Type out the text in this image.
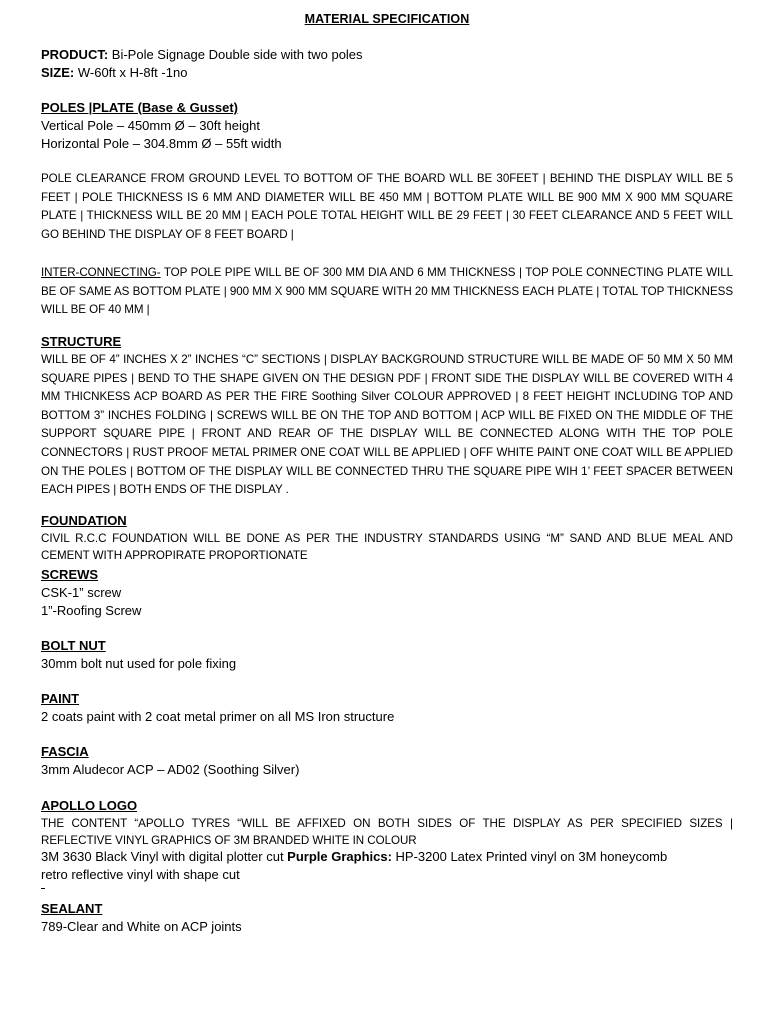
MATERIAL SPECIFICATION
PRODUCT: Bi-Pole Signage Double side with two poles
SIZE: W-60ft x H-8ft -1no
POLES |PLATE (Base & Gusset)
Vertical Pole – 450mm Ø – 30ft height
Horizontal Pole – 304.8mm Ø – 55ft width
POLE CLEARANCE FROM GROUND LEVEL TO BOTTOM OF THE BOARD WLL BE 30FEET | BEHIND THE DISPLAY WILL BE 5 FEET | POLE THICKNESS IS 6 MM AND DIAMETER WILL BE 450 MM | BOTTOM PLATE WILL BE 900 MM X 900 MM SQUARE PLATE | THICKNESS WILL BE 20 MM | EACH POLE TOTAL HEIGHT WILL BE 29 FEET | 30 FEET CLEARANCE AND 5 FEET WILL GO BEHIND THE DISPLAY OF 8 FEET BOARD |
INTER-CONNECTING- TOP POLE PIPE WILL BE OF 300 MM DIA AND 6 MM THICKNESS | TOP POLE CONNECTING PLATE WILL BE OF SAME AS BOTTOM PLATE | 900 MM X 900 MM SQUARE WITH 20 MM THICKNESS EACH PLATE | TOTAL TOP THICKNESS WILL BE OF 40 MM |
STRUCTURE
WILL BE OF 4” INCHES X 2” INCHES “C” SECTIONS | DISPLAY BACKGROUND STRUCTURE WILL BE MADE OF 50 MM X 50 MM SQUARE PIPES | BEND TO THE SHAPE GIVEN ON THE DESIGN PDF | FRONT SIDE THE DISPLAY WILL BE COVERED WITH 4 MM THICNKESS ACP BOARD AS PER THE FIRE Soothing Silver COLOUR APPROVED | 8 FEET HEIGHT INCLUDING TOP AND BOTTOM 3” INCHES FOLDING | SCREWS WILL BE ON THE TOP AND BOTTOM | ACP WILL BE FIXED ON THE MIDDLE OF THE SUPPORT SQUARE PIPE | FRONT AND REAR OF THE DISPLAY WILL BE CONNECTED ALONG WITH THE TOP POLE CONNECTORS | RUST PROOF METAL PRIMER ONE COAT WILL BE APPLIED | OFF WHITE PAINT ONE COAT WILL BE APPLIED ON THE POLES | BOTTOM OF THE DISPLAY WILL BE CONNECTED THRU THE SQUARE PIPE WIH 1’ FEET SPACER BETWEEN EACH PIPES | BOTH ENDS OF THE DISPLAY .
FOUNDATION
CIVIL R.C.C FOUNDATION WILL BE DONE AS PER THE INDUSTRY STANDARDS USING “M” SAND AND BLUE MEAL AND CEMENT WITH APPROPIRATE PROPORTIONATE
SCREWS
CSK-1” screw
1”-Roofing Screw
BOLT NUT
30mm bolt nut used for pole fixing
PAINT
2 coats paint with 2 coat metal primer on all MS Iron structure
FASCIA
3mm Aludecor ACP – AD02 (Soothing Silver)
APOLLO LOGO
THE CONTENT “APOLLO TYRES “WILL BE AFFIXED ON BOTH SIDES OF THE DISPLAY AS PER SPECIFIED SIZES | REFLECTIVE VINYL GRAPHICS OF 3M BRANDED WHITE IN COLOUR
3M 3630 Black Vinyl with digital plotter cut Purple Graphics: HP-3200 Latex Printed vinyl on 3M honeycomb
retro reflective vinyl with shape cut
SEALANT
789-Clear and White on ACP joints
